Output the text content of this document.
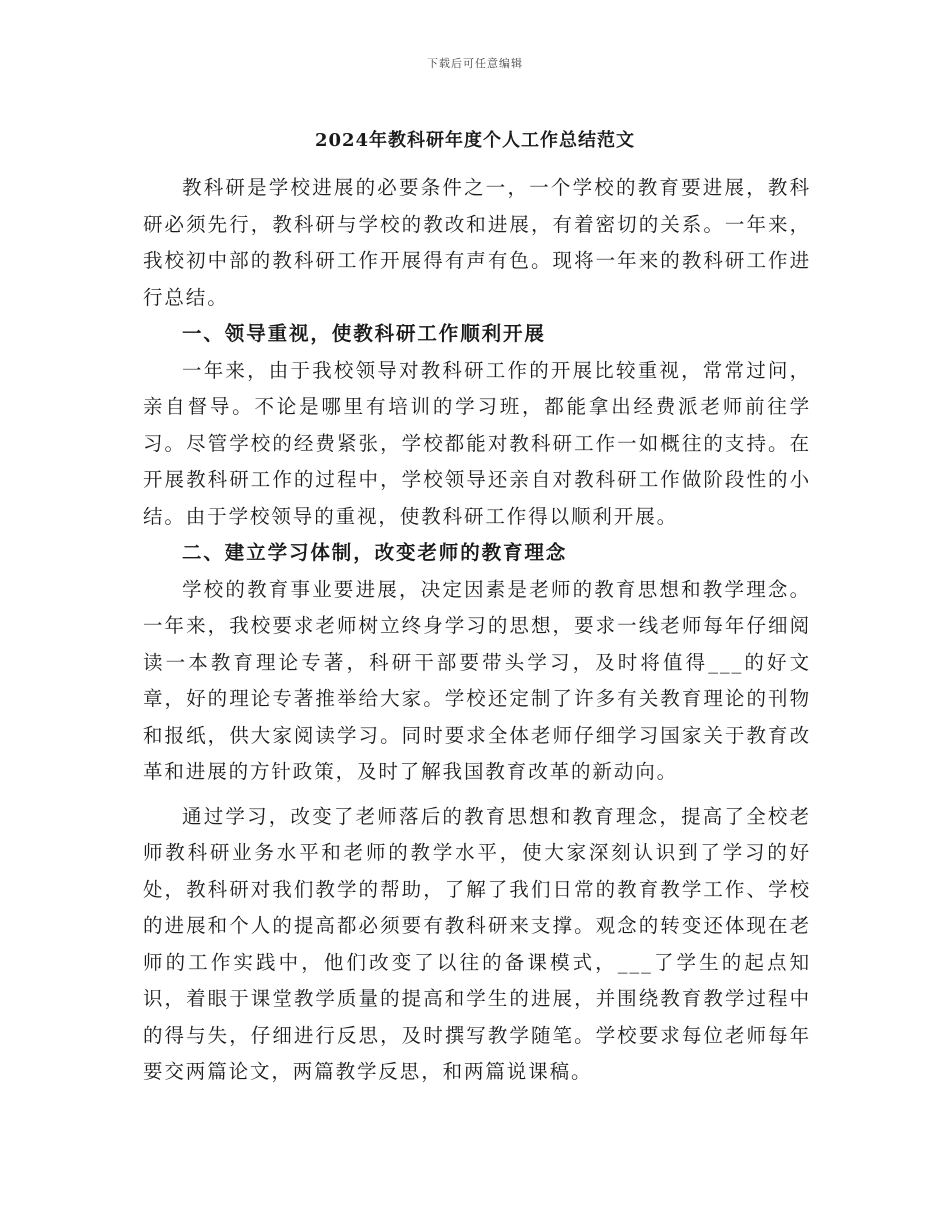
下载后可任意编辑
2024年教科研年度个人工作总结范文

教科研是学校进展的必要条件之一，一个学校的教育要进展，教科研必须先行，教科研与学校的教改和进展，有着密切的关系。一年来，我校初中部的教科研工作开展得有声有色。现将一年来的教科研工作进行总结。

一、领导重视，使教科研工作顺利开展

一年来，由于我校领导对教科研工作的开展比较重视，常常过问，亲自督导。不论是哪里有培训的学习班，都能拿出经费派老师前往学习。尽管学校的经费紧张，学校都能对教科研工作一如概往的支持。在开展教科研工作的过程中，学校领导还亲自对教科研工作做阶段性的小结。由于学校领导的重视，使教科研工作得以顺利开展。

二、建立学习体制，改变老师的教育理念

学校的教育事业要进展，决定因素是老师的教育思想和教学理念。一年来，我校要求老师树立终身学习的思想，要求一线老师每年仔细阅读一本教育理论专著，科研干部要带头学习，及时将值得___的好文章，好的理论专著推举给大家。学校还定制了许多有关教育理论的刊物和报纸，供大家阅读学习。同时要求全体老师仔细学习国家关于教育改革和进展的方针政策，及时了解我国教育改革的新动向。

通过学习，改变了老师落后的教育思想和教育理念，提高了全校老师教科研业务水平和老师的教学水平，使大家深刻认识到了学习的好处，教科研对我们教学的帮助，了解了我们日常的教育教学工作、学校的进展和个人的提高都必须要有教科研来支撑。观念的转变还体现在老师的工作实践中，他们改变了以往的备课模式，___了学生的起点知识，着眼于课堂教学质量的提高和学生的进展，并围绕教育教学过程中的得与失，仔细进行反思，及时撰写教学随笔。学校要求每位老师每年要交两篇论文，两篇教学反思，和两篇说课稿。
